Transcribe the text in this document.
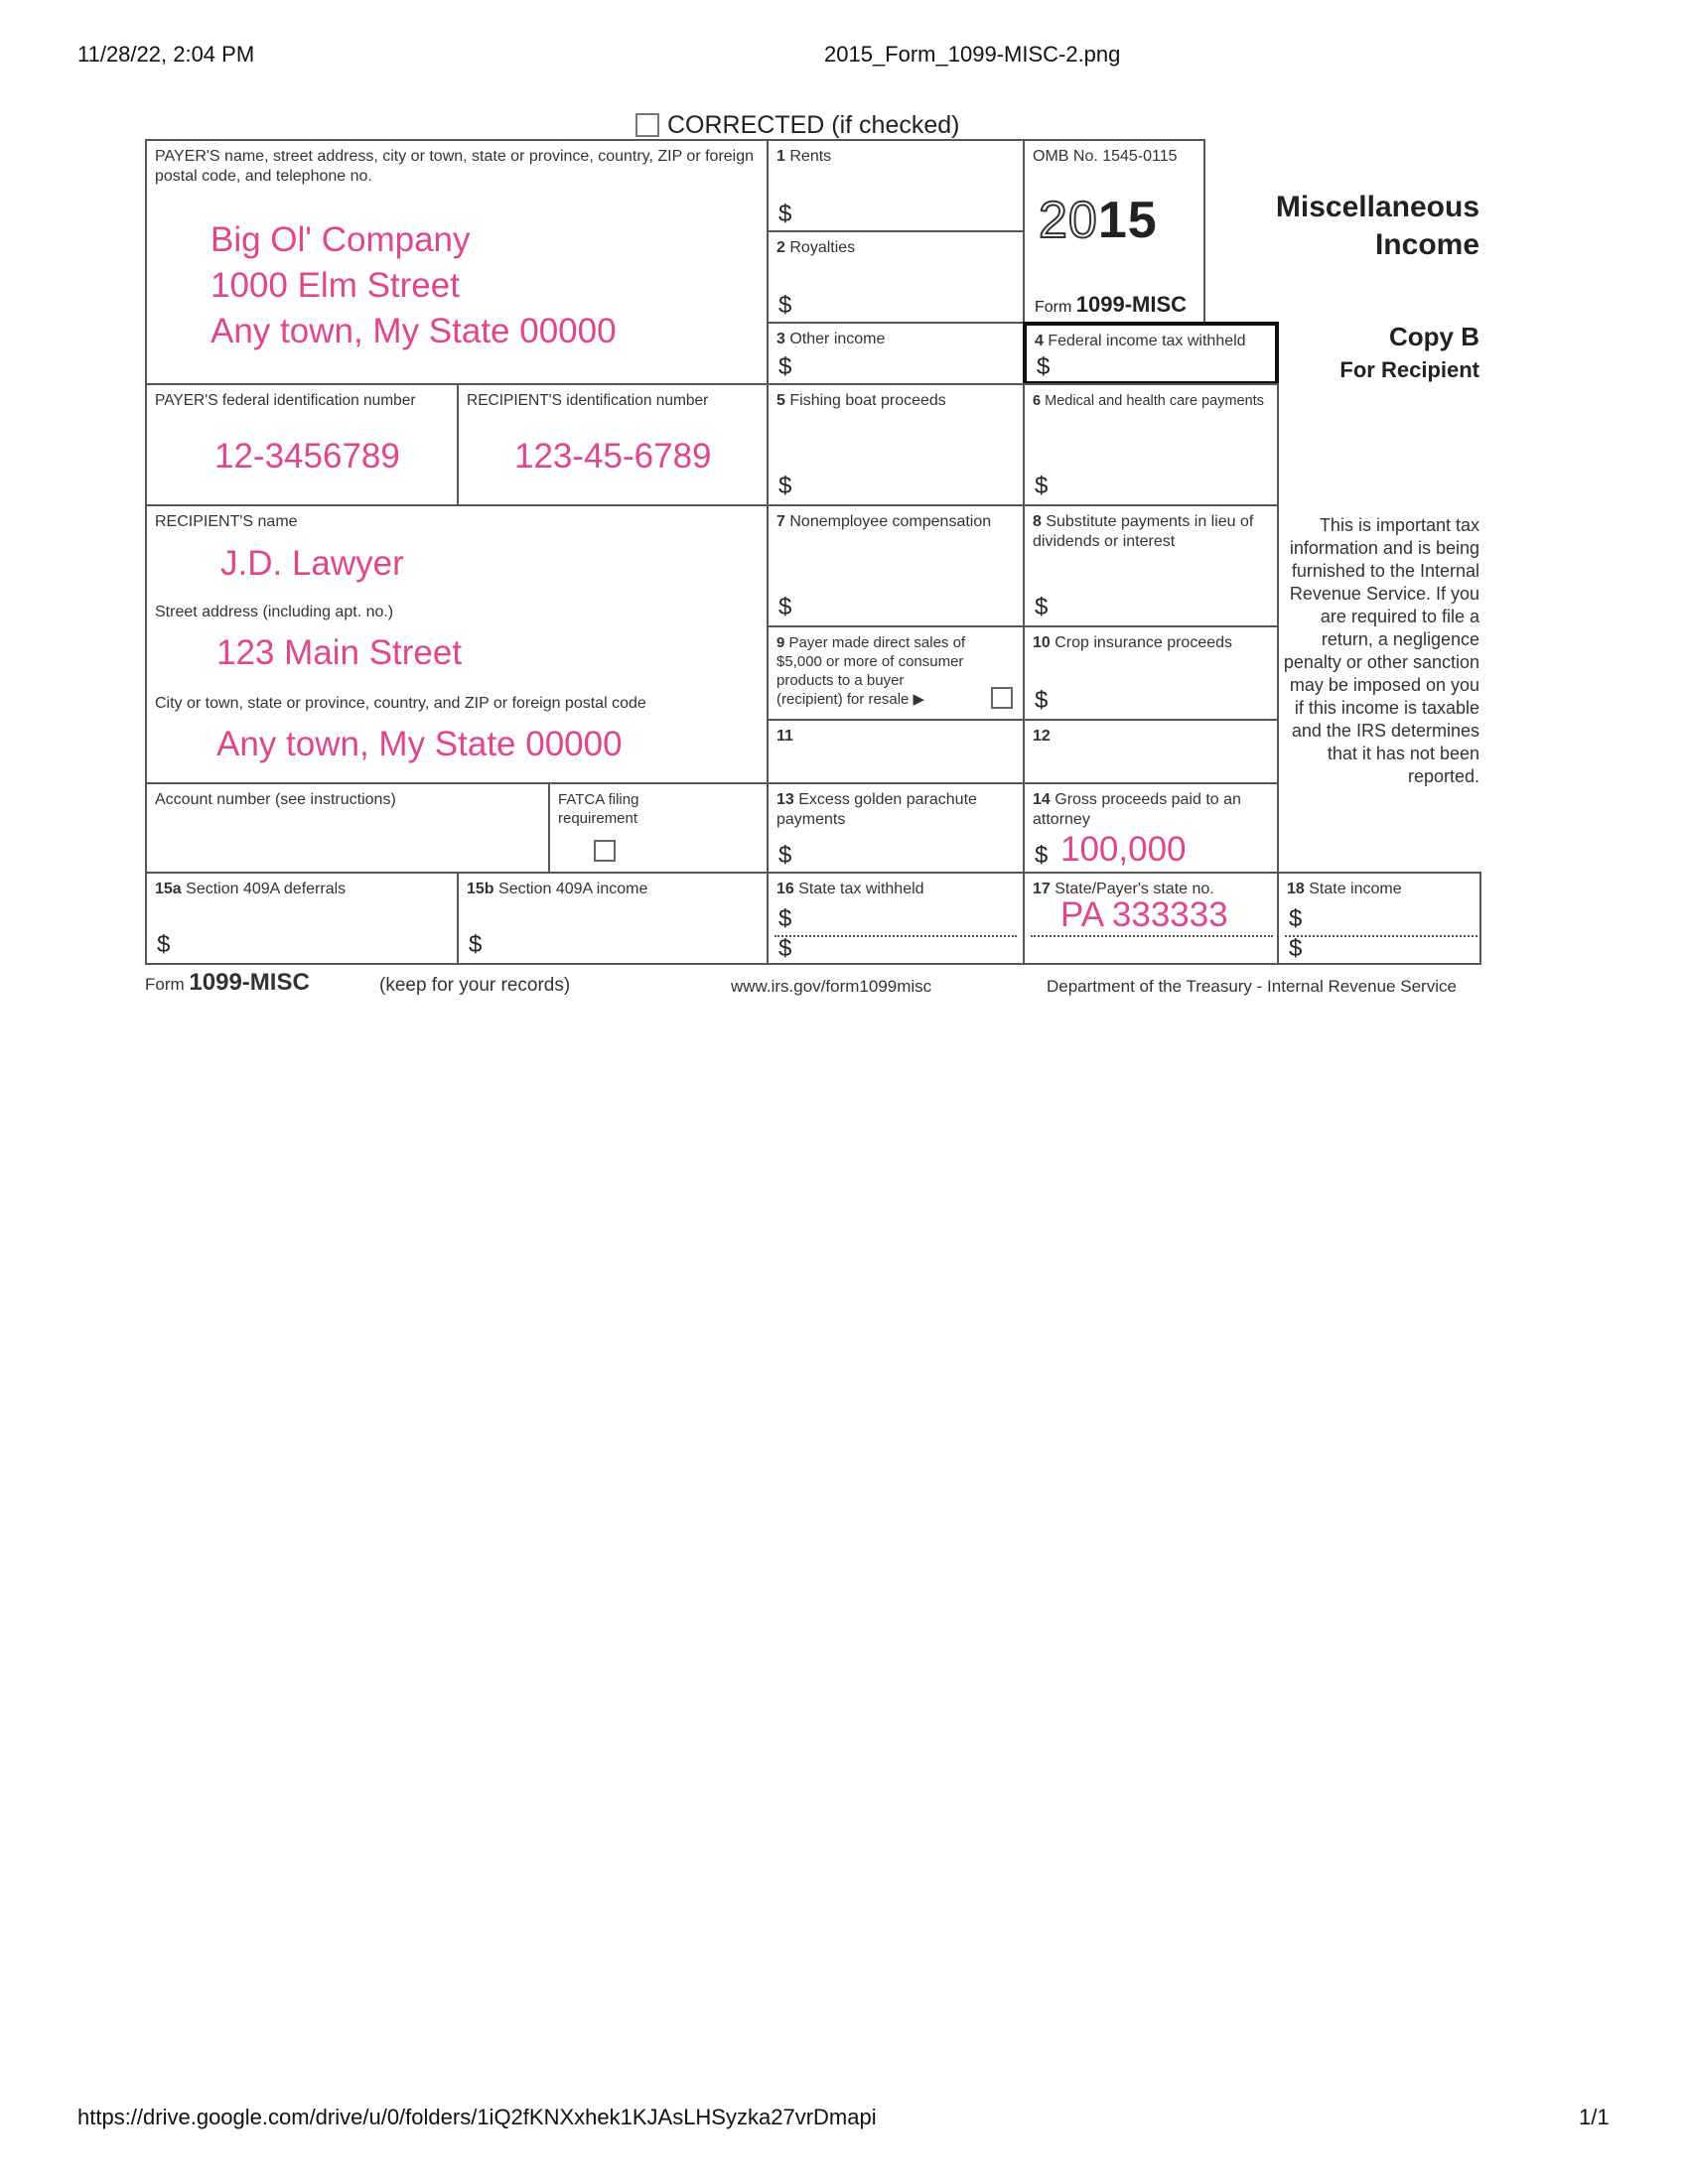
11/28/22, 2:04 PM	2015_Form_1099-MISC-2.png
CORRECTED (if checked)
PAYER'S name, street address, city or town, state or province, country, ZIP or foreign postal code, and telephone no.
Big Ol' Company
1000 Elm Street
Any town, My State 00000
1 Rents
$
2 Royalties
$
OMB No. 1545-0115
2015
Form 1099-MISC
Miscellaneous
Income
3 Other income
$
4 Federal income tax withheld
$
Copy B
For Recipient
PAYER'S federal identification number
12-3456789
RECIPIENT'S identification number
123-45-6789
5 Fishing boat proceeds
$
6 Medical and health care payments
$
RECIPIENT'S name
J.D. Lawyer
Street address (including apt. no.)
123 Main Street
City or town, state or province, country, and ZIP or foreign postal code
Any town, My State 00000
7 Nonemployee compensation
$
8 Substitute payments in lieu of dividends or interest
$
This is important tax information and is being furnished to the Internal Revenue Service. If you are required to file a return, a negligence penalty or other sanction may be imposed on you if this income is taxable and the IRS determines that it has not been reported.
9 Payer made direct sales of $5,000 or more of consumer products to a buyer (recipient) for resale ▶
10 Crop insurance proceeds
$
11	12
Account number (see instructions)	FATCA filing requirement
13 Excess golden parachute payments
$
14 Gross proceeds paid to an attorney
$ 100,000
15a Section 409A deferrals
$
15b Section 409A income
$
16 State tax withheld
$
$
17 State/Payer's state no.
PA 333333
18 State income
$
$
Form 1099-MISC	(keep for your records)	www.irs.gov/form1099misc	Department of the Treasury - Internal Revenue Service
https://drive.google.com/drive/u/0/folders/1iQ2fKNXxhek1KJAsLHSyzka27vrDmapi	1/1
